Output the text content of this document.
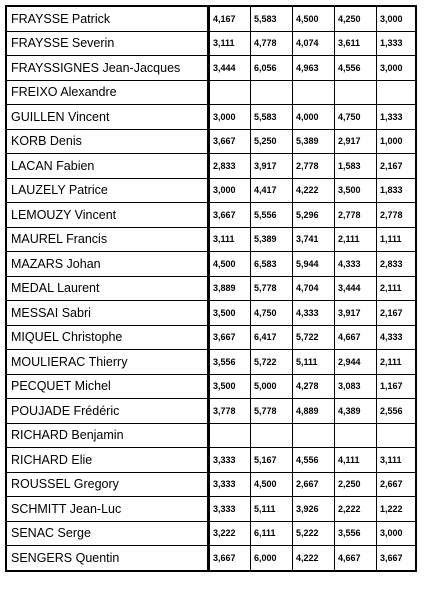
FRAYSSE Patrick	4,167	5,583	4,500	4,250	3,000
FRAYSSE Severin	3,111	4,778	4,074	3,611	1,333
FRAYSSIGNES Jean-Jacques	3,444	6,056	4,963	4,556	3,000
FREIXO Alexandre					
GUILLEN Vincent	3,000	5,583	4,000	4,750	1,333
KORB Denis	3,667	5,250	5,389	2,917	1,000
LACAN Fabien	2,833	3,917	2,778	1,583	2,167
LAUZELY Patrice	3,000	4,417	4,222	3,500	1,833
LEMOUZY Vincent	3,667	5,556	5,296	2,778	2,778
MAUREL Francis	3,111	5,389	3,741	2,111	1,111
MAZARS Johan	4,500	6,583	5,944	4,333	2,833
MEDAL Laurent	3,889	5,778	4,704	3,444	2,111
MESSAI Sabri	3,500	4,750	4,333	3,917	2,167
MIQUEL Christophe	3,667	6,417	5,722	4,667	4,333
MOULIERAC Thierry	3,556	5,722	5,111	2,944	2,111
PECQUET Michel	3,500	5,000	4,278	3,083	1,167
POUJADE Frédéric	3,778	5,778	4,889	4,389	2,556
RICHARD Benjamin					
RICHARD Elie	3,333	5,167	4,556	4,111	3,111
ROUSSEL Gregory	3,333	4,500	2,667	2,250	2,667
SCHMITT Jean-Luc	3,333	5,111	3,926	2,222	1,222
SENAC Serge	3,222	6,111	5,222	3,556	3,000
SENGERS Quentin	3,667	6,000	4,222	4,667	3,667
